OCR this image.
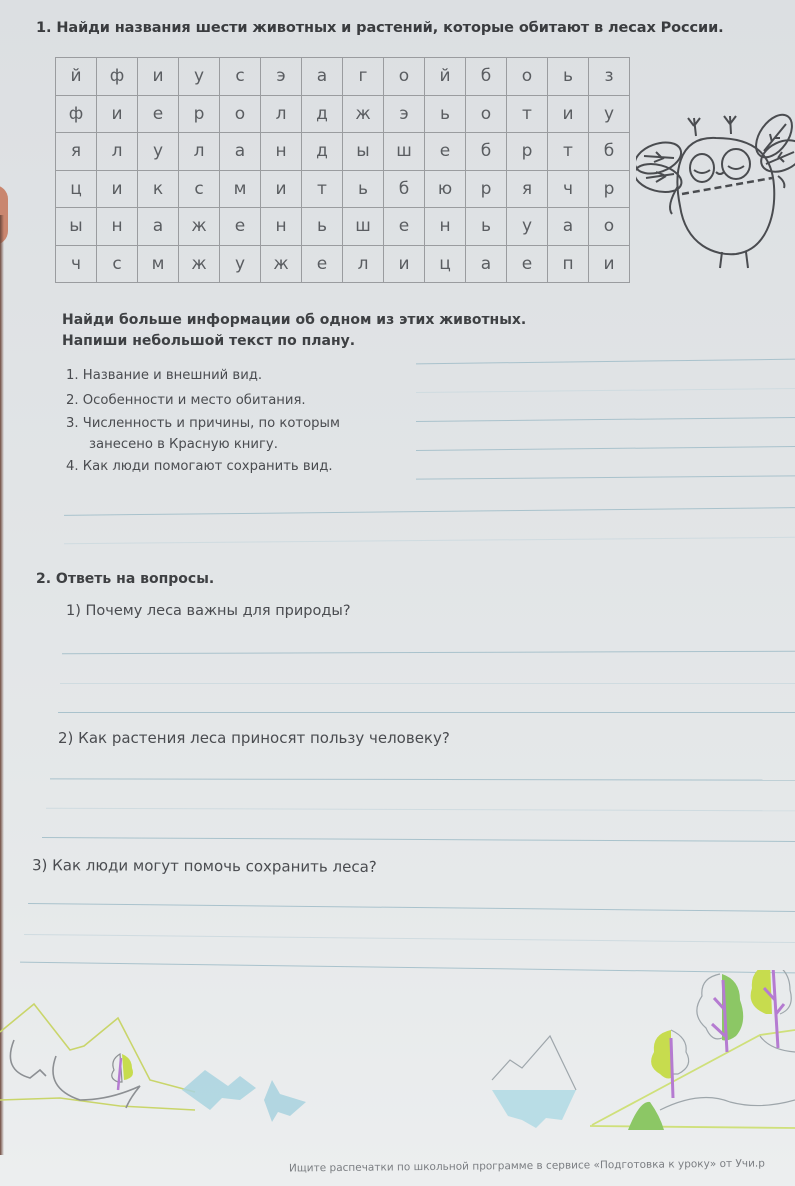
1. Найди названия шести животных и растений, которые обитают в лесах России.
й	ф	и	у	с	э	а	г	о	й	б	о	ь	з
ф	и	е	р	о	л	д	ж	э	ь	о	т	и	у
я	л	у	л	а	н	д	ы	ш	е	б	р	т	б
ц	и	к	с	м	и	т	ь	б	ю	р	я	ч	р
ы	н	а	ж	е	н	ь	ш	е	н	ь	у	а	о
ч	с	м	ж	у	ж	е	л	и	ц	а	е	п	и
Найди больше информации об одном из этих животных.
Напиши небольшой текст по плану.
1. Название и внешний вид.
2. Особенности и место обитания.
3. Численность и причины, по которым
занесено в Красную книгу.
4. Как люди помогают сохранить вид.
2. Ответь на вопросы.
1) Почему леса важны для природы?
2) Как растения леса приносят пользу человеку?
3) Как люди могут помочь сохранить леса?
Ищите распечатки по школьной программе в сервисе «Подготовка к уроку» от Учи.р
